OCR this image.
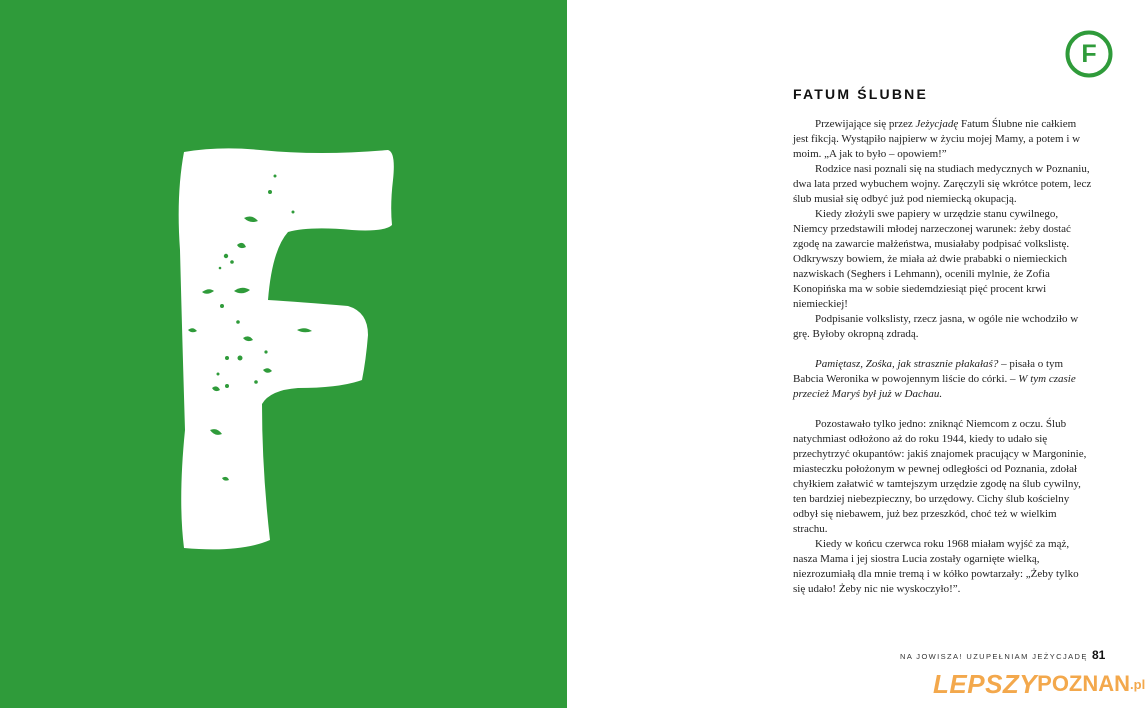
F
FATUM ŚLUBNE

Przewijające się przez Jeżycjadę Fatum Ślubne nie całkiem jest fikcją. Wystąpiło najpierw w życiu mojej Mamy, a potem i w moim. „A jak to było – opowiem!”

Rodzice nasi poznali się na studiach medycznych w Poznaniu, dwa lata przed wybuchem wojny. Zaręczyli się wkrótce potem, lecz ślub musiał się odbyć już pod niemiecką okupacją.

Kiedy złożyli swe papiery w urzędzie stanu cywilnego, Niemcy przedstawili młodej narzeczonej warunek: żeby dostać zgodę na zawarcie małżeństwa, musiałaby podpisać volkslistę. Odkrywszy bowiem, że miała aż dwie prababki o niemieckich nazwiskach (Seghers i Lehmann), ocenili mylnie, że Zofia Konopińska ma w sobie siedemdziesiąt pięć procent krwi niemieckiej!

Podpisanie volkslisty, rzecz jasna, w ogóle nie wchodziło w grę. Byłoby okropną zdradą.

Pamiętasz, Zośka, jak strasznie płakałaś? – pisała o tym Babcia Weronika w powojennym liście do córki. – W tym czasie przecież Maryś był już w Dachau.

Pozostawało tylko jedno: zniknąć Niemcom z oczu. Ślub natychmiast odłożono aż do roku 1944, kiedy to udało się przechytrzyć okupantów: jakiś znajomek pracujący w Margoninie, miasteczku położonym w pewnej odległości od Poznania, zdołał chyłkiem załatwić w tamtejszym urzędzie zgodę na ślub cywilny, ten bardziej niebezpieczny, bo urzędowy. Cichy ślub kościelny odbył się niebawem, już bez przeszkód, choć też w wielkim strachu.

Kiedy w końcu czerwca roku 1968 miałam wyjść za mąż, nasza Mama i jej siostra Lucia zostały ogarnięte wielką, niezrozumiałą dla mnie tremą i w kółko powtarzały: „Żeby tylko się udało! Żeby nic nie wyskoczyło!”.

NA JOWISZA! UZUPEŁNIAM JEŻYCJADĘ 81
LEPSZY POZNAN .pl
